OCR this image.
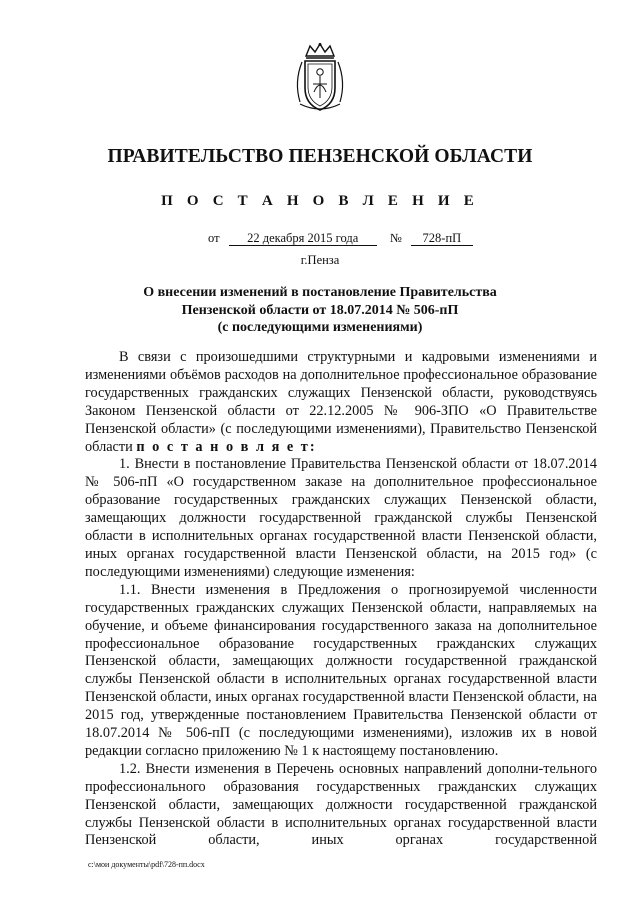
ПРАВИТЕЛЬСТВО ПЕНЗЕНСКОЙ ОБЛАСТИ
П О С Т А Н О В Л Е Н И Е
от 22 декабря 2015 года	№ 728-пП
г.Пенза
О внесении изменений в постановление Правительства
Пензенской области от 18.07.2014 № 506-пП
(с последующими изменениями)

В связи с произошедшими структурными и кадровыми изменениями и изменениями объёмов расходов на дополнительное профессиональное образование государственных гражданских служащих Пензенской области, руководствуясь Законом Пензенской области от 22.12.2005 № 906-ЗПО «О Правительстве Пензенской области» (с последующими изменениями), Правительство Пензенской области п о с т а н о в л я е т:

1. Внести в постановление Правительства Пензенской области от 18.07.2014 № 506-пП «О государственном заказе на дополнительное профессиональное образование государственных гражданских служащих Пензенской области, замещающих должности государственной гражданской службы Пензенской области в исполнительных органах государственной власти Пензенской области, иных органах государственной власти Пензенской области, на 2015 год» (с последующими изменениями) следующие изменения:

1.1. Внести изменения в Предложения о прогнозируемой численности государственных гражданских служащих Пензенской области, направляемых на обучение, и объеме финансирования государственного заказа на дополнительное профессиональное образование государственных гражданских служащих Пензенской области, замещающих должности государственной гражданской службы Пензенской области в исполнительных органах государственной власти Пензенской области, иных органах государственной власти Пензенской области, на 2015 год, утвержденные постановлением Правительства Пензенской области от 18.07.2014 № 506-пП (с последующими изменениями), изложив их в новой редакции согласно приложению № 1 к настоящему постановлению.

1.2. Внести изменения в Перечень основных направлений дополни-тельного профессионального образования государственных гражданских служащих Пензенской области, замещающих должности государственной гражданской службы Пензенской области в исполнительных органах государственной власти Пензенской области, иных органах государственной

с:\мои документы\pdf\728-пп.docx
